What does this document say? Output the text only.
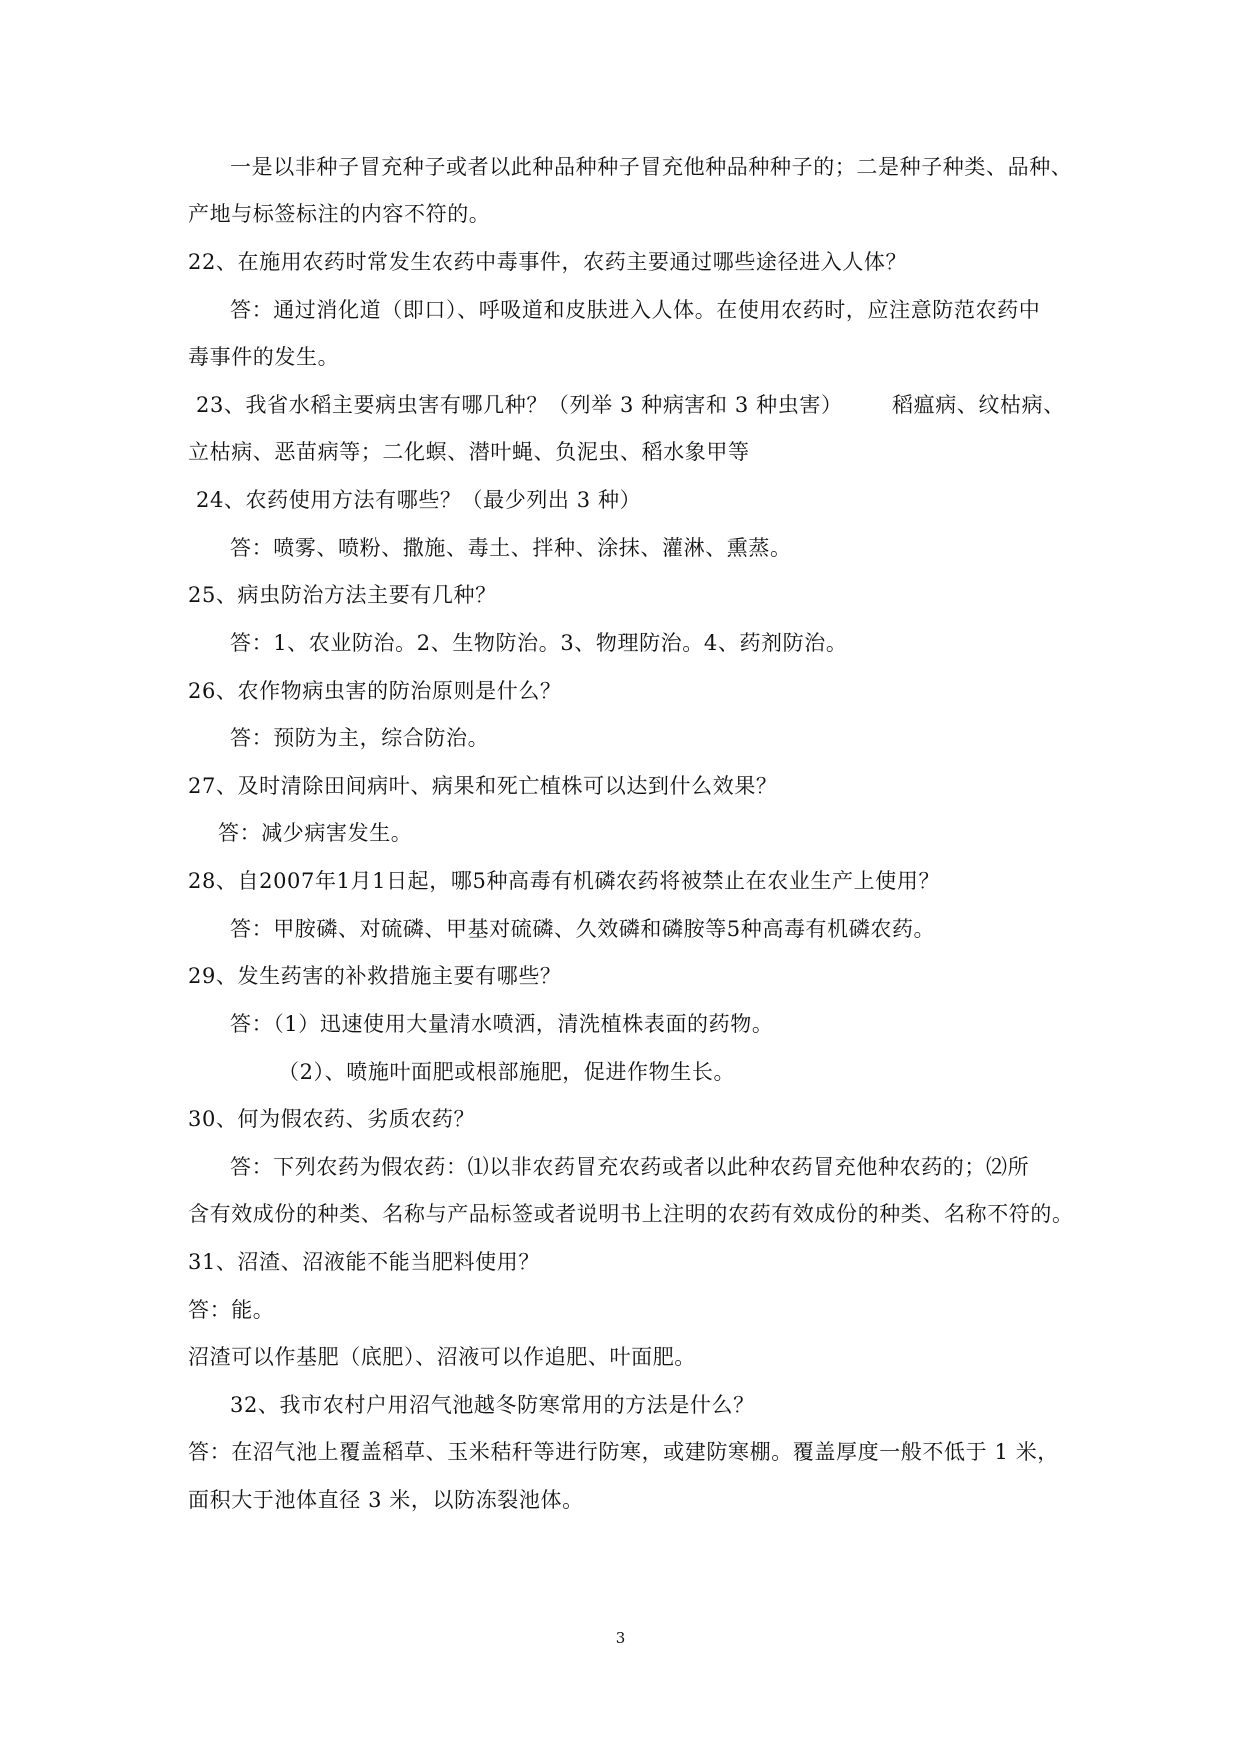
一是以非种子冒充种子或者以此种品种种子冒充他种品种种子的；二是种子种类、品种、
产地与标签标注的内容不符的。
22、在施用农药时常发生农药中毒事件，农药主要通过哪些途径进入人体？
答：通过消化道（即口）、呼吸道和皮肤进入人体。在使用农药时，应注意防范农药中
毒事件的发生。
23、我省水稻主要病虫害有哪几种？（列举 3 种病害和 3 种虫害） 稻瘟病、纹枯病、
立枯病、恶苗病等；二化螟、潜叶蝇、负泥虫、稻水象甲等
24、农药使用方法有哪些？（最少列出 3 种）
答：喷雾、喷粉、撒施、毒土、拌种、涂抹、灌淋、熏蒸。
25、病虫防治方法主要有几种？
答：1、农业防治。2、生物防治。3、物理防治。4、药剂防治。
26、农作物病虫害的防治原则是什么？
答：预防为主，综合防治。
27、及时清除田间病叶、病果和死亡植株可以达到什么效果？
答：减少病害发生。
28、自2007年1月1日起，哪5种高毒有机磷农药将被禁止在农业生产上使用？
答：甲胺磷、对硫磷、甲基对硫磷、久效磷和磷胺等5种高毒有机磷农药。
29、发生药害的补救措施主要有哪些？
答：（1）迅速使用大量清水喷洒，清洗植株表面的药物。
（2）、喷施叶面肥或根部施肥，促进作物生长。
30、何为假农药、劣质农药？
答：下列农药为假农药：⑴以非农药冒充农药或者以此种农药冒充他种农药的；⑵所
含有效成份的种类、名称与产品标签或者说明书上注明的农药有效成份的种类、名称不符的。
31、沼渣、沼液能不能当肥料使用？
答：能。
沼渣可以作基肥（底肥）、沼液可以作追肥、叶面肥。
32、我市农村户用沼气池越冬防寒常用的方法是什么？
答：在沼气池上覆盖稻草、玉米秸秆等进行防寒，或建防寒棚。覆盖厚度一般不低于 1 米，
面积大于池体直径 3 米，以防冻裂池体。
3
